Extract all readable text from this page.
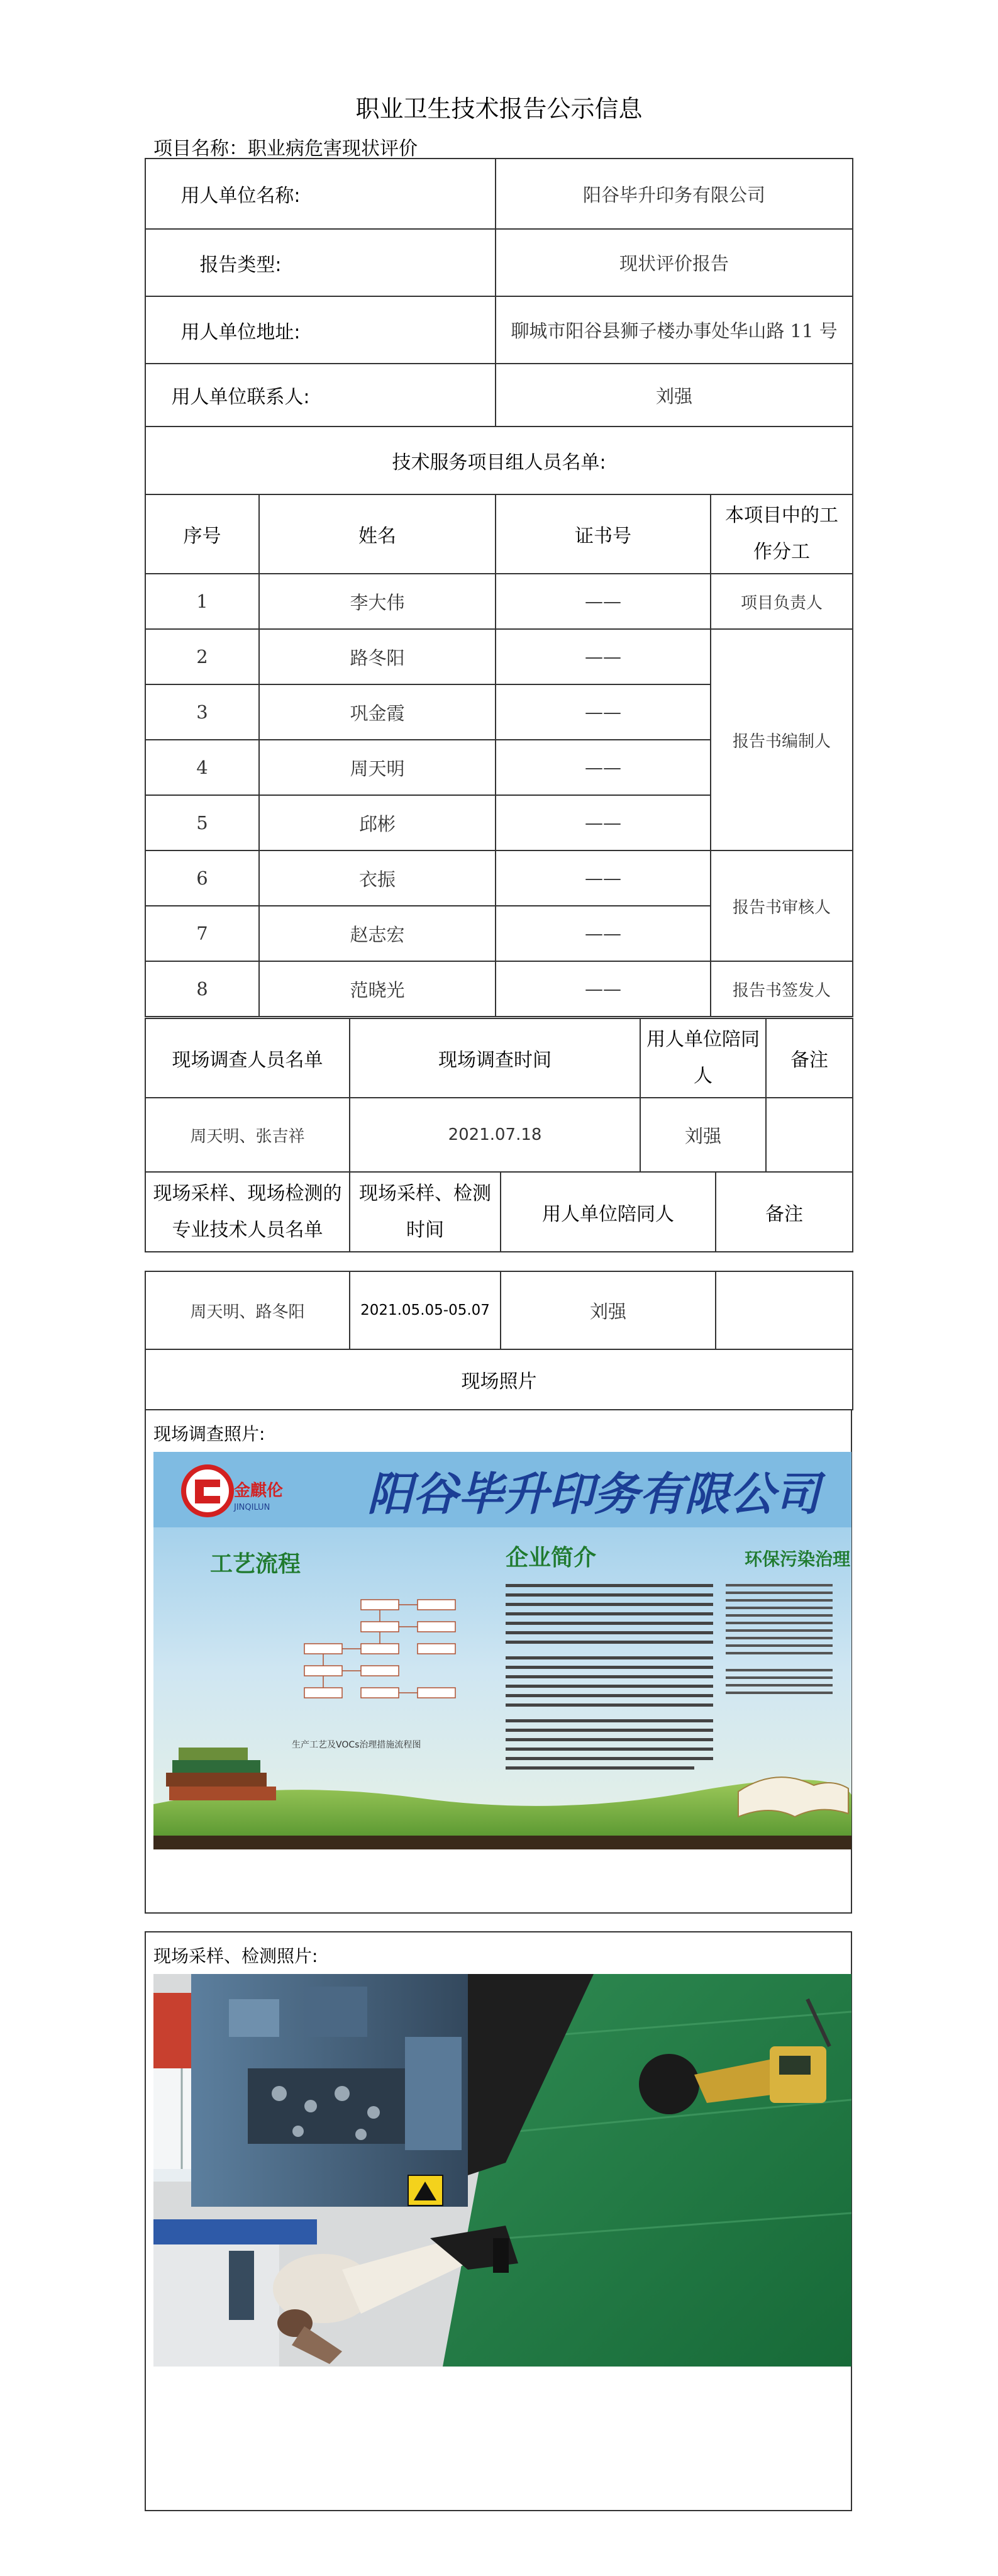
职业卫生技术报告公示信息
项目名称：职业病危害现状评价
用人单位名称:		阳谷毕升印务有限公司	

报告类型:		现状评价报告	

用人单位地址:		聊城市阳谷县狮子楼办事处华山路 11 号	

用人单位联系人:		刘强	
技术服务项目组人员名单:			
序号	姓名	证书号	本项目中的工作分工
1	李大伟	——	项目负责人
2	路冬阳	——	报告书编制人
3	巩金霞	——	
4	周天明	——	
5	邱彬	——	
6	衣振	——	报告书审核人
7	赵志宏	——	
8	范晓光	——	报告书签发人
现场调查人员名单	现场调查时间	用人单位陪同人	备注
周天明、张吉祥	2021.07.18	刘强	
现场采样、现场检测的专业技术人员名单	现场采样、检测时间	用人单位陪同人	备注
周天明、路冬阳	2021.05.05-05.07	刘强	
现场照片
现场调查照片:
金麒伦
JINQILUN 阳谷毕升印务有限公司
工艺流程	企业简介	环保污染治理
生产工艺及VOCs治理措施流程图
现场采样、检测照片:
